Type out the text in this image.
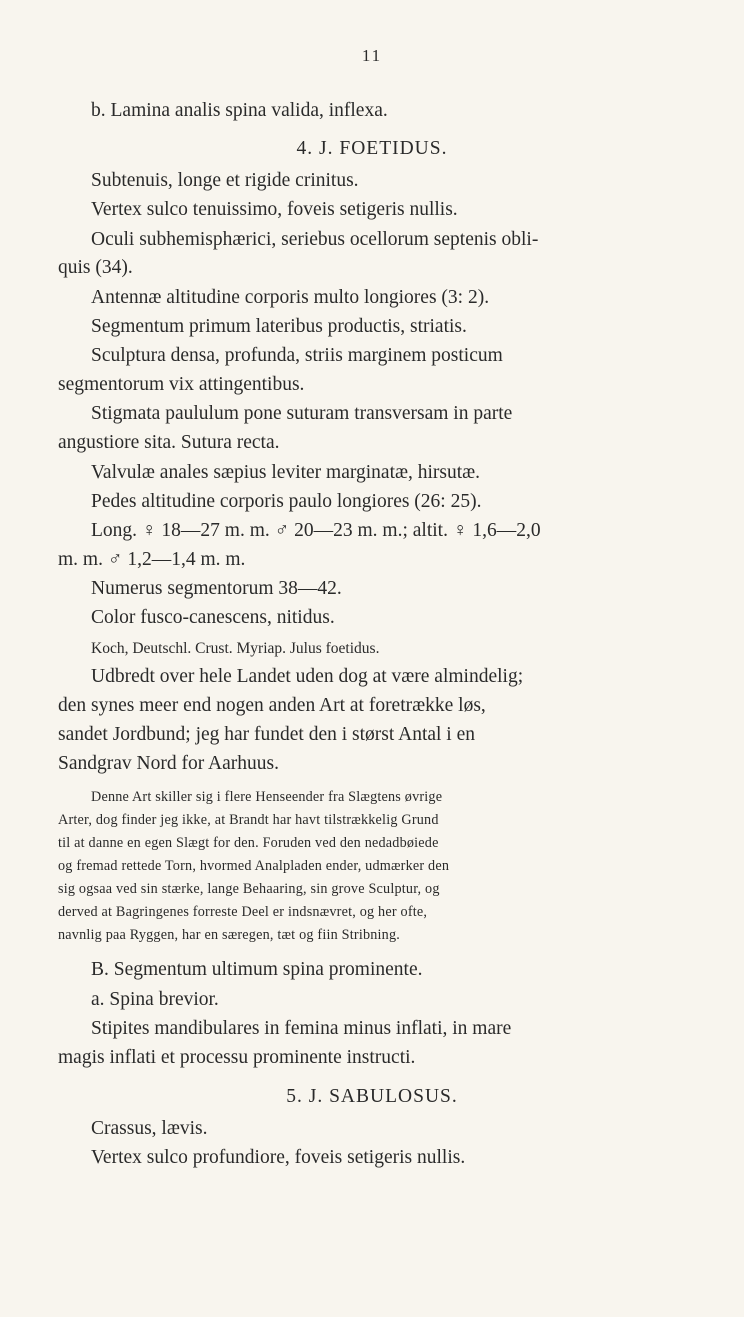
11
b. Lamina analis spina valida, inflexa.
4. J. FOETIDUS.
Subtenuis, longe et rigide crinitus.
Vertex sulco tenuissimo, foveis setigeris nullis.
Oculi subhemisphærici, seriebus ocellorum septenis obli-
quis (34).
Antennæ altitudine corporis multo longiores (3: 2).
Segmentum primum lateribus productis, striatis.
Sculptura densa, profunda, striis marginem posticum
segmentorum vix attingentibus.
Stigmata paululum pone suturam transversam in parte
angustiore sita. Sutura recta.
Valvulæ anales sæpius leviter marginatæ, hirsutæ.
Pedes altitudine corporis paulo longiores (26: 25).
Long. ♀ 18—27 m. m. ♂ 20—23 m. m.; altit. ♀ 1,6—2,0
m. m. ♂ 1,2—1,4 m. m.
Numerus segmentorum 38—42.
Color fusco-canescens, nitidus.
Koch, Deutschl. Crust. Myriap. Julus foetidus.
Udbredt over hele Landet uden dog at være almindelig;
den synes meer end nogen anden Art at foretrække løs,
sandet Jordbund; jeg har fundet den i størst Antal i en
Sandgrav Nord for Aarhuus.
Denne Art skiller sig i flere Henseender fra Slægtens øvrige
Arter, dog finder jeg ikke, at Brandt har havt tilstrækkelig Grund
til at danne en egen Slægt for den. Foruden ved den nedadbøiede
og fremad rettede Torn, hvormed Analpladen ender, udmærker den
sig ogsaa ved sin stærke, lange Behaaring, sin grove Sculptur, og
derved at Bagringenes forreste Deel er indsnævret, og her ofte,
navnlig paa Ryggen, har en særegen, tæt og fiin Stribning.
B. Segmentum ultimum spina prominente.
a. Spina brevior.
Stipites mandibulares in femina minus inflati, in mare
magis inflati et processu prominente instructi.
5. J. SABULOSUS.
Crassus, lævis.
Vertex sulco profundiore, foveis setigeris nullis.
